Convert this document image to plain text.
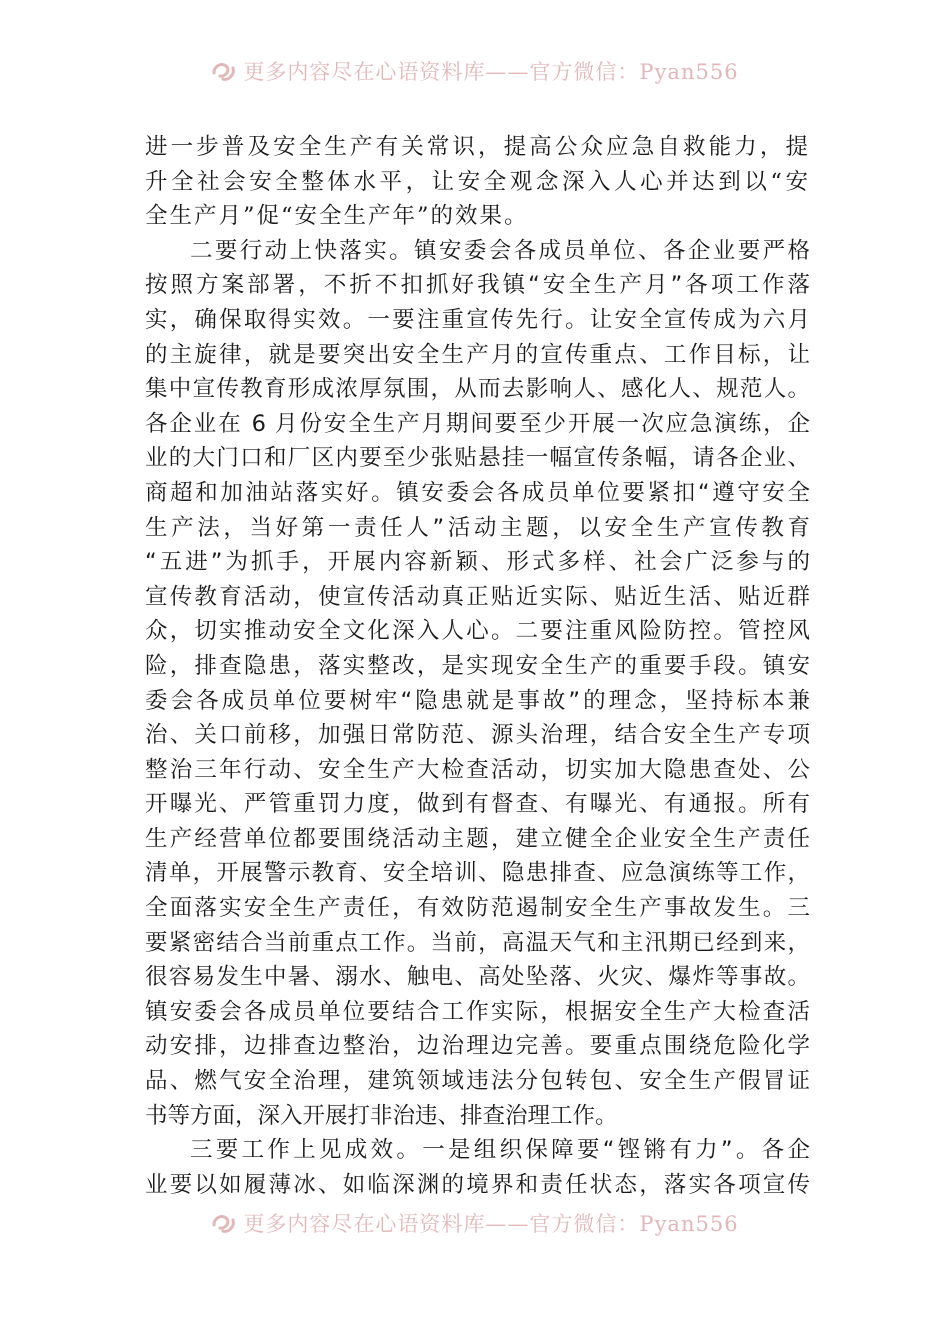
更多内容尽在心语资料库——官方微信：Pyan556
进一步普及安全生产有关常识，提高公众应急自救能力，提
升全社会安全整体水平，让安全观念深入人心并达到以“安
全生产月”促“安全生产年”的效果。
二要行动上快落实。镇安委会各成员单位、各企业要严格
按照方案部署，不折不扣抓好我镇“安全生产月”各项工作落
实，确保取得实效。一要注重宣传先行。让安全宣传成为六月
的主旋律，就是要突出安全生产月的宣传重点、工作目标，让
集中宣传教育形成浓厚氛围，从而去影响人、感化人、规范人。
各企业在 6 月份安全生产月期间要至少开展一次应急演练，企
业的大门口和厂区内要至少张贴悬挂一幅宣传条幅，请各企业、
商超和加油站落实好。镇安委会各成员单位要紧扣“遵守安全
生产法，当好第一责任人”活动主题，以安全生产宣传教育
“五进”为抓手，开展内容新颖、形式多样、社会广泛参与的
宣传教育活动，使宣传活动真正贴近实际、贴近生活、贴近群
众，切实推动安全文化深入人心。二要注重风险防控。管控风
险，排查隐患，落实整改，是实现安全生产的重要手段。镇安
委会各成员单位要树牢“隐患就是事故”的理念，坚持标本兼
治、关口前移，加强日常防范、源头治理，结合安全生产专项
整治三年行动、安全生产大检查活动，切实加大隐患查处、公
开曝光、严管重罚力度，做到有督查、有曝光、有通报。所有
生产经营单位都要围绕活动主题，建立健全企业安全生产责任
清单，开展警示教育、安全培训、隐患排查、应急演练等工作，
全面落实安全生产责任，有效防范遏制安全生产事故发生。三
要紧密结合当前重点工作。当前，高温天气和主汛期已经到来，
很容易发生中暑、溺水、触电、高处坠落、火灾、爆炸等事故。
镇安委会各成员单位要结合工作实际，根据安全生产大检查活
动安排，边排查边整治，边治理边完善。要重点围绕危险化学
品、燃气安全治理，建筑领域违法分包转包、安全生产假冒证
书等方面，深入开展打非治违、排查治理工作。
三要工作上见成效。一是组织保障要“铿锵有力”。各企
业要以如履薄冰、如临深渊的境界和责任状态，落实各项宣传
更多内容尽在心语资料库——官方微信：Pyan556
